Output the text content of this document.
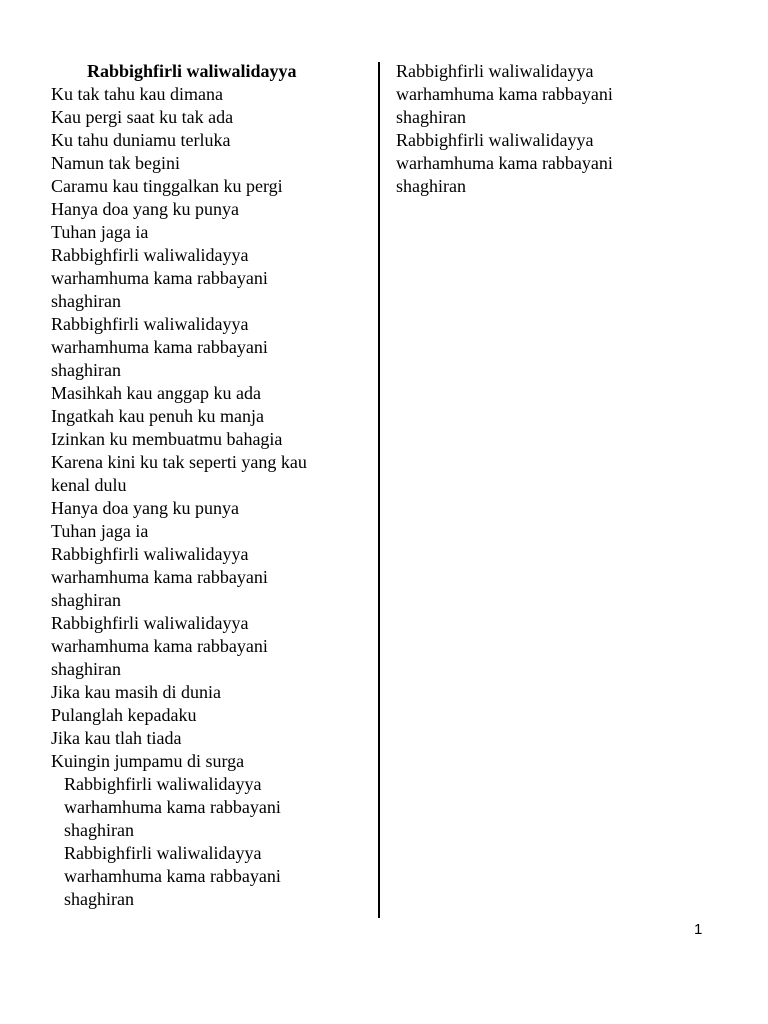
Rabbighfirli waliwalidayya
Ku tak tahu kau dimana
Kau pergi saat ku tak ada
Ku tahu duniamu terluka
Namun tak begini
Caramu kau tinggalkan ku pergi
Hanya doa yang ku punya
Tuhan jaga ia
Rabbighfirli waliwalidayya
warhamhuma kama rabbayani
shaghiran
Rabbighfirli waliwalidayya
warhamhuma kama rabbayani
shaghiran
Masihkah kau anggap ku ada
Ingatkah kau penuh ku manja
Izinkan ku membuatmu bahagia
Karena kini ku tak seperti yang kau
kenal dulu
Hanya doa yang ku punya
Tuhan jaga ia
Rabbighfirli waliwalidayya
warhamhuma kama rabbayani
shaghiran
Rabbighfirli waliwalidayya
warhamhuma kama rabbayani
shaghiran
Jika kau masih di dunia
Pulanglah kepadaku
Jika kau tlah tiada
Kuingin jumpamu di surga
Rabbighfirli waliwalidayya
warhamhuma kama rabbayani
shaghiran
Rabbighfirli waliwalidayya
warhamhuma kama rabbayani
shaghiran
Rabbighfirli waliwalidayya
warhamhuma kama rabbayani
shaghiran
Rabbighfirli waliwalidayya
warhamhuma kama rabbayani
shaghiran
1
